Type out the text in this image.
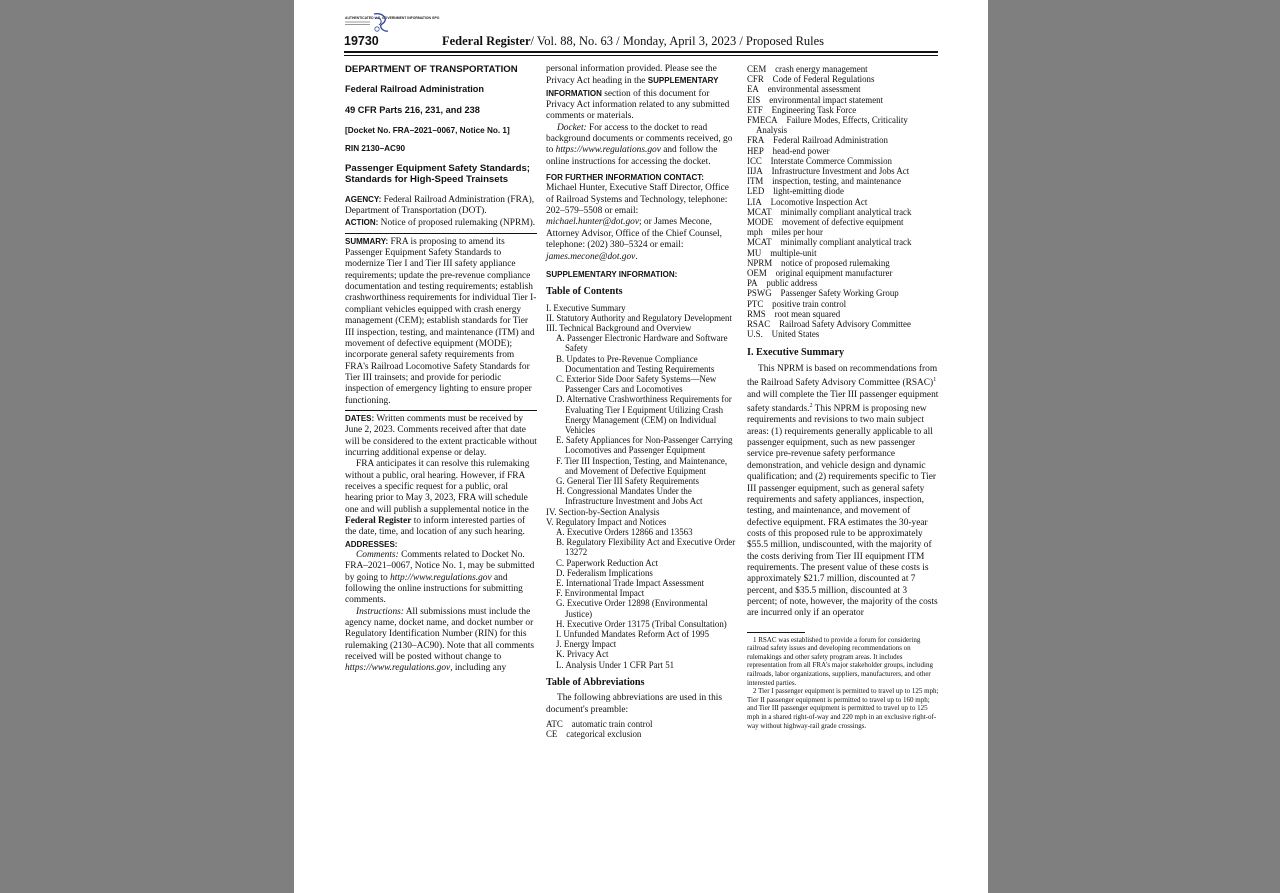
AUTHENTICATED U.S. GOVERNMENT INFORMATION GPO
19730	Federal Register/ Vol. 88, No. 63 / Monday, April 3, 2023 / Proposed Rules

DEPARTMENT OF TRANSPORTATION

Federal Railroad Administration

49 CFR Parts 216, 231, and 238

[Docket No. FRA–2021–0067, Notice No. 1]

RIN 2130–AC90

Passenger Equipment Safety Standards; Standards for High-Speed Trainsets

AGENCY: Federal Railroad Administration (FRA), Department of Transportation (DOT).

ACTION: Notice of proposed rulemaking (NPRM).

SUMMARY: FRA is proposing to amend its Passenger Equipment Safety Standards to modernize Tier I and Tier III safety appliance requirements; update the pre-revenue compliance documentation and testing requirements; establish crashworthiness requirements for individual Tier I-compliant vehicles equipped with crash energy management (CEM); establish standards for Tier III inspection, testing, and maintenance (ITM) and movement of defective equipment (MODE); incorporate general safety requirements from FRA's Railroad Locomotive Safety Standards for Tier III trainsets; and provide for periodic inspection of emergency lighting to ensure proper functioning.

DATES: Written comments must be received by June 2, 2023. Comments received after that date will be considered to the extent practicable without incurring additional expense or delay.

FRA anticipates it can resolve this rulemaking without a public, oral hearing. However, if FRA receives a specific request for a public, oral hearing prior to May 3, 2023, FRA will schedule one and will publish a supplemental notice in the Federal Register to inform interested parties of the date, time, and location of any such hearing.

ADDRESSES:

Comments: Comments related to Docket No. FRA–2021–0067, Notice No. 1, may be submitted by going to http://www.regulations.gov and following the online instructions for submitting comments.

Instructions: All submissions must include the agency name, docket name, and docket number or Regulatory Identification Number (RIN) for this rulemaking (2130–AC90). Note that all comments received will be posted without change to https://www.regulations.gov, including any

personal information provided. Please see the Privacy Act heading in the SUPPLEMENTARY INFORMATION section of this document for Privacy Act information related to any submitted comments or materials.

Docket: For access to the docket to read background documents or comments received, go to https://www.regulations.gov and follow the online instructions for accessing the docket.

FOR FURTHER INFORMATION CONTACT:

Michael Hunter, Executive Staff Director, Office of Railroad Systems and Technology, telephone: 202–579–5508 or email: michael.hunter@dot.gov; or James Mecone, Attorney Advisor, Office of the Chief Counsel, telephone: (202) 380–5324 or email: james.mecone@dot.gov.

SUPPLEMENTARY INFORMATION:

Table of Contents

I. Executive Summary

II. Statutory Authority and Regulatory Development

III. Technical Background and Overview

A. Passenger Electronic Hardware and Software Safety

B. Updates to Pre-Revenue Compliance Documentation and Testing Requirements

C. Exterior Side Door Safety Systems—New Passenger Cars and Locomotives

D. Alternative Crashworthiness Requirements for Evaluating Tier I Equipment Utilizing Crash Energy Management (CEM) on Individual Vehicles

E. Safety Appliances for Non-Passenger Carrying Locomotives and Passenger Equipment

F. Tier III Inspection, Testing, and Maintenance, and Movement of Defective Equipment

G. General Tier III Safety Requirements

H. Congressional Mandates Under the Infrastructure Investment and Jobs Act

IV. Section-by-Section Analysis

V. Regulatory Impact and Notices

A. Executive Orders 12866 and 13563

B. Regulatory Flexibility Act and Executive Order 13272

C. Paperwork Reduction Act

D. Federalism Implications

E. International Trade Impact Assessment

F. Environmental Impact

G. Executive Order 12898 (Environmental Justice)

H. Executive Order 13175 (Tribal Consultation)

I. Unfunded Mandates Reform Act of 1995

J. Energy Impact

K. Privacy Act

L. Analysis Under 1 CFR Part 51

Table of Abbreviations

The following abbreviations are used in this document's preamble:

ATC  automatic train control

CE  categorical exclusion

CEM  crash energy management

CFR  Code of Federal Regulations

EA  environmental assessment

EIS  environmental impact statement

ETF  Engineering Task Force

FMECA  Failure Modes, Effects, Criticality Analysis

FRA  Federal Railroad Administration

HEP  head-end power

ICC  Interstate Commerce Commission

IIJA  Infrastructure Investment and Jobs Act

ITM  inspection, testing, and maintenance

LED  light-emitting diode

LIA  Locomotive Inspection Act

MCAT  minimally compliant analytical track

MODE  movement of defective equipment

mph  miles per hour

MCAT  minimally compliant analytical track

MU  multiple-unit

NPRM  notice of proposed rulemaking

OEM  original equipment manufacturer

PA  public address

PSWG  Passenger Safety Working Group

PTC  positive train control

RMS  root mean squared

RSAC  Railroad Safety Advisory Committee

U.S.  United States

I. Executive Summary

This NPRM is based on recommendations from the Railroad Safety Advisory Committee (RSAC)$^1$ and will complete the Tier III passenger equipment safety standards.$^2$ This NPRM is proposing new requirements and revisions to two main subject areas: (1) requirements generally applicable to all passenger equipment, such as new passenger service pre-revenue safety performance demonstration, and vehicle design and dynamic qualification; and (2) requirements specific to Tier III passenger equipment, such as general safety requirements and safety appliances, inspection, testing, and maintenance, and movement of defective equipment. FRA estimates the 30-year costs of this proposed rule to be approximately $55.5 million, undiscounted, with the majority of the costs deriving from Tier III equipment ITM requirements. The present value of these costs is approximately $21.7 million, discounted at 7 percent, and $35.5 million, discounted at 3 percent; of note, however, the majority of the costs are incurred only if an operator

1 RSAC was established to provide a forum for considering railroad safety issues and developing recommendations on rulemakings and other safety program areas. It includes representation from all FRA's major stakeholder groups, including railroads, labor organizations, suppliers, manufacturers, and other interested parties.

2 Tier I passenger equipment is permitted to travel up to 125 mph; Tier II passenger equipment is permitted to travel up to 160 mph; and Tier III passenger equipment is permitted to travel up to 125 mph in a shared right-of-way and 220 mph in an exclusive right-of-way without highway-rail grade crossings.
